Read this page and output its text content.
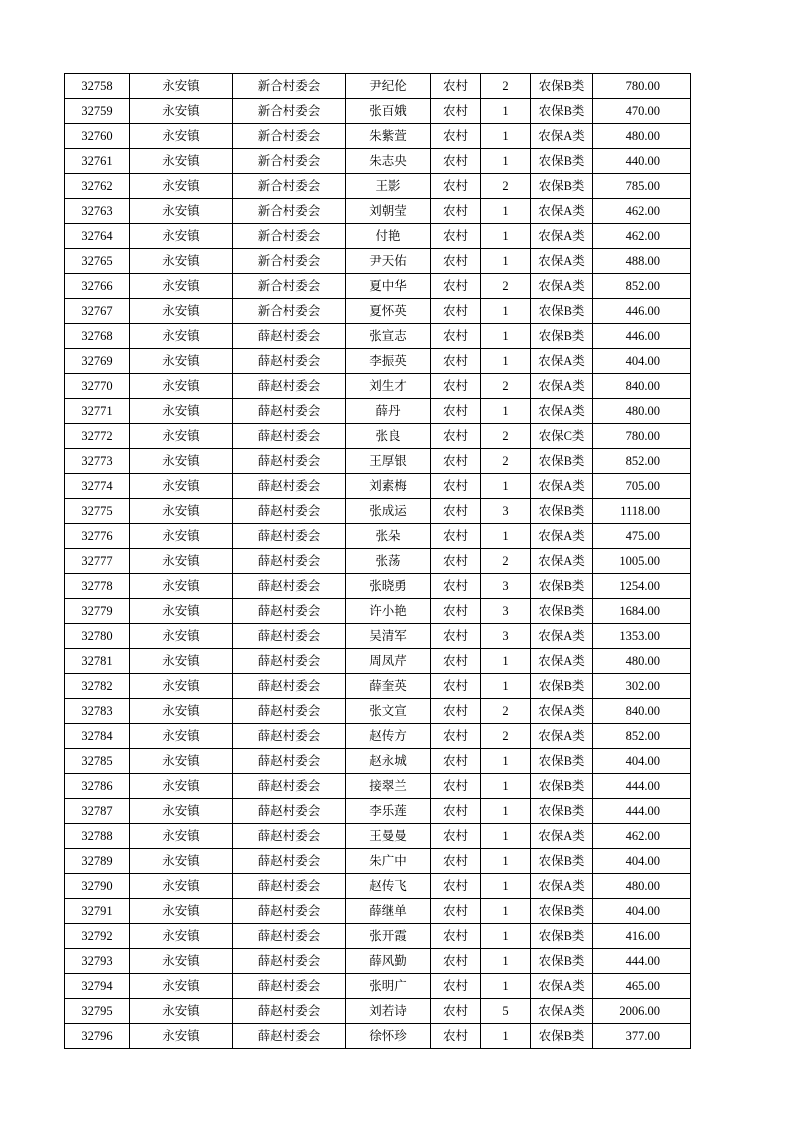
32758	永安镇	新合村委会	尹纪伦	农村	2	农保B类	780.00
32759	永安镇	新合村委会	张百娥	农村	1	农保B类	470.00
32760	永安镇	新合村委会	朱紫萱	农村	1	农保A类	480.00
32761	永安镇	新合村委会	朱志央	农村	1	农保B类	440.00
32762	永安镇	新合村委会	王影	农村	2	农保B类	785.00
32763	永安镇	新合村委会	刘朝莹	农村	1	农保A类	462.00
32764	永安镇	新合村委会	付艳	农村	1	农保A类	462.00
32765	永安镇	新合村委会	尹天佑	农村	1	农保A类	488.00
32766	永安镇	新合村委会	夏中华	农村	2	农保A类	852.00
32767	永安镇	新合村委会	夏怀英	农村	1	农保B类	446.00
32768	永安镇	薛赵村委会	张宣志	农村	1	农保B类	446.00
32769	永安镇	薛赵村委会	李振英	农村	1	农保A类	404.00
32770	永安镇	薛赵村委会	刘生才	农村	2	农保A类	840.00
32771	永安镇	薛赵村委会	薛丹	农村	1	农保A类	480.00
32772	永安镇	薛赵村委会	张良	农村	2	农保C类	780.00
32773	永安镇	薛赵村委会	王厚银	农村	2	农保B类	852.00
32774	永安镇	薛赵村委会	刘素梅	农村	1	农保A类	705.00
32775	永安镇	薛赵村委会	张成运	农村	3	农保B类	1118.00
32776	永安镇	薛赵村委会	张朵	农村	1	农保A类	475.00
32777	永安镇	薛赵村委会	张荡	农村	2	农保A类	1005.00
32778	永安镇	薛赵村委会	张晓勇	农村	3	农保B类	1254.00
32779	永安镇	薛赵村委会	许小艳	农村	3	农保B类	1684.00
32780	永安镇	薛赵村委会	吴清军	农村	3	农保A类	1353.00
32781	永安镇	薛赵村委会	周凤芹	农村	1	农保A类	480.00
32782	永安镇	薛赵村委会	薛奎英	农村	1	农保B类	302.00
32783	永安镇	薛赵村委会	张文宣	农村	2	农保A类	840.00
32784	永安镇	薛赵村委会	赵传方	农村	2	农保A类	852.00
32785	永安镇	薛赵村委会	赵永城	农村	1	农保B类	404.00
32786	永安镇	薛赵村委会	接翠兰	农村	1	农保B类	444.00
32787	永安镇	薛赵村委会	李乐莲	农村	1	农保B类	444.00
32788	永安镇	薛赵村委会	王曼曼	农村	1	农保A类	462.00
32789	永安镇	薛赵村委会	朱广中	农村	1	农保B类	404.00
32790	永安镇	薛赵村委会	赵传飞	农村	1	农保A类	480.00
32791	永安镇	薛赵村委会	薛继单	农村	1	农保B类	404.00
32792	永安镇	薛赵村委会	张开霞	农村	1	农保B类	416.00
32793	永安镇	薛赵村委会	薛风勤	农村	1	农保B类	444.00
32794	永安镇	薛赵村委会	张明广	农村	1	农保A类	465.00
32795	永安镇	薛赵村委会	刘若诗	农村	5	农保A类	2006.00
32796	永安镇	薛赵村委会	徐怀珍	农村	1	农保B类	377.00
